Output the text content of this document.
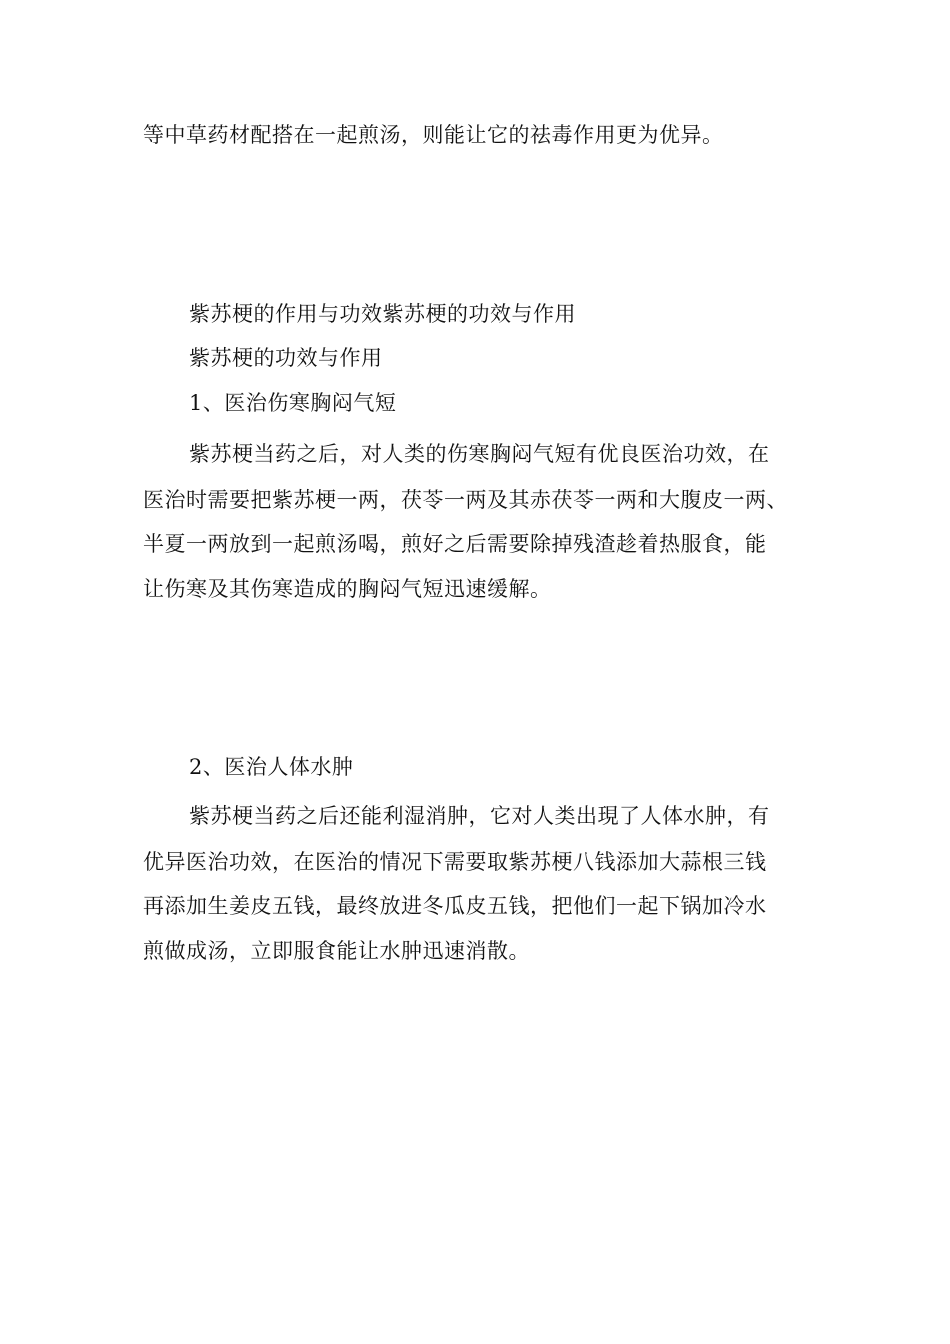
等中草药材配搭在一起煎汤，则能让它的祛毒作用更为优异。
紫苏梗的作用与功效紫苏梗的功效与作用
紫苏梗的功效与作用
1、医治伤寒胸闷气短
紫苏梗当药之后，对人类的伤寒胸闷气短有优良医治功效，在
医治时需要把紫苏梗一两，茯苓一两及其赤茯苓一两和大腹皮一两、
半夏一两放到一起煎汤喝，煎好之后需要除掉残渣趁着热服食，能
让伤寒及其伤寒造成的胸闷气短迅速缓解。
2、医治人体水肿
紫苏梗当药之后还能利湿消肿，它对人类出現了人体水肿，有
优异医治功效，在医治的情况下需要取紫苏梗八钱添加大蒜根三钱
再添加生姜皮五钱，最终放进冬瓜皮五钱，把他们一起下锅加冷水
煎做成汤，立即服食能让水肿迅速消散。
